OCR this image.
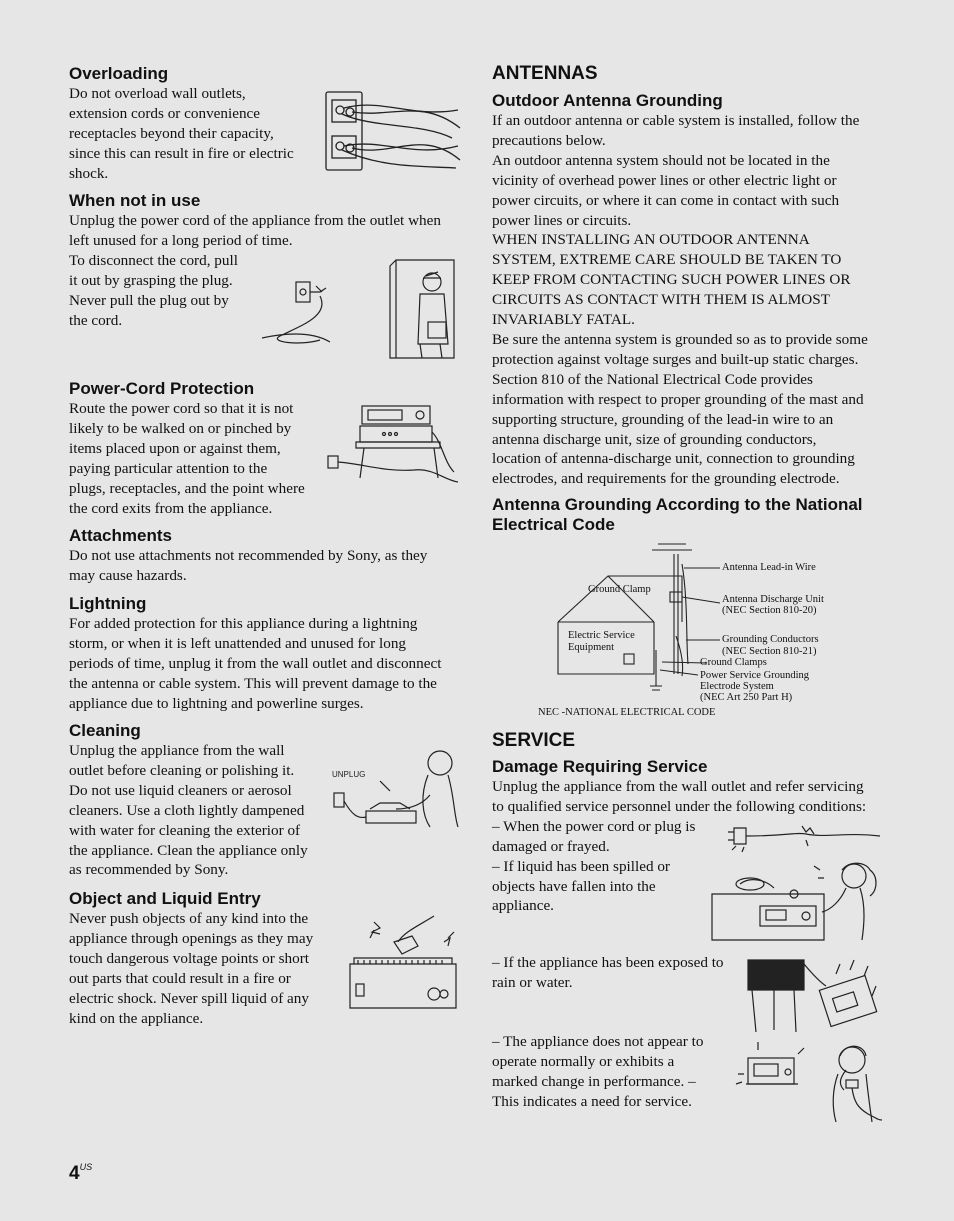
Overloading
Do not overload wall outlets,
extension cords or convenience
receptacles beyond their capacity,
since this can result in fire or electric
shock.
When not in use
Unplug the power cord of the appliance from the outlet when
left unused for a long period of time.
To disconnect the cord, pull
it out by grasping the plug.
Never pull the plug out by
the cord.
Power-Cord Protection
Route the power cord so that it is not
likely to be walked on or pinched by
items placed upon or against them,
paying particular attention to the
plugs, receptacles, and the point where
the cord exits from the appliance.
Attachments
Do not use attachments not recommended by Sony, as they
may cause hazards.
Lightning
For added protection for this appliance during a lightning
storm, or when it is left unattended and unused for long
periods of time, unplug it from the wall outlet and disconnect
the antenna or cable system. This will prevent damage to the
appliance due to lightning and powerline surges.
Cleaning
Unplug the appliance from the wall
outlet before cleaning or polishing it.
Do not use liquid cleaners or aerosol
cleaners. Use a cloth lightly dampened
with water for cleaning the exterior of
the appliance. Clean the appliance only
as recommended by Sony.
Object and Liquid Entry
Never push objects of any kind into the
appliance through openings as they may
touch dangerous voltage points or short
out parts that could result in a fire or
electric shock. Never spill liquid of any
kind on the appliance.
UNPLUG
ANTENNAS
Outdoor Antenna Grounding
If an outdoor antenna or cable system is installed, follow the
precautions below.
An outdoor antenna system should not be located in the
vicinity of overhead power lines or other electric light or
power circuits, or where it can come in contact with such
power lines or circuits.
WHEN INSTALLING AN OUTDOOR ANTENNA
SYSTEM, EXTREME CARE SHOULD BE TAKEN TO
KEEP FROM CONTACTING SUCH POWER LINES OR
CIRCUITS AS CONTACT WITH THEM IS ALMOST
INVARIABLY FATAL.
Be sure the antenna system is grounded so as to provide some
protection against voltage surges and built-up static charges.
Section 810 of the National Electrical Code provides
information with respect to proper grounding of the mast and
supporting structure, grounding of the lead-in wire to an
antenna discharge unit, size of grounding conductors,
location of antenna-discharge unit, connection to grounding
electrodes, and requirements for the grounding electrode.
Antenna Grounding According to the National
Electrical Code
SERVICE
Damage Requiring Service
Unplug the appliance from the wall outlet and refer servicing
to qualified service personnel under the following conditions:
– When the power cord or plug is
damaged or frayed.
– If liquid has been spilled or
objects have fallen into the
appliance.
– If the appliance has been exposed to
rain or water.
– The appliance does not appear to
operate normally or exhibits a
marked change in performance. –
This indicates a need for service.
Antenna Lead-in Wire
Ground Clamp
Antenna Discharge Unit
(NEC Section 810-20)
Electric Service
Equipment
Grounding Conductors
(NEC Section 810-21)
Ground Clamps
Power Service Grounding
Electrode System
(NEC Art 250 Part H)
NEC -NATIONAL ELECTRICAL CODE
$4^{US}$
